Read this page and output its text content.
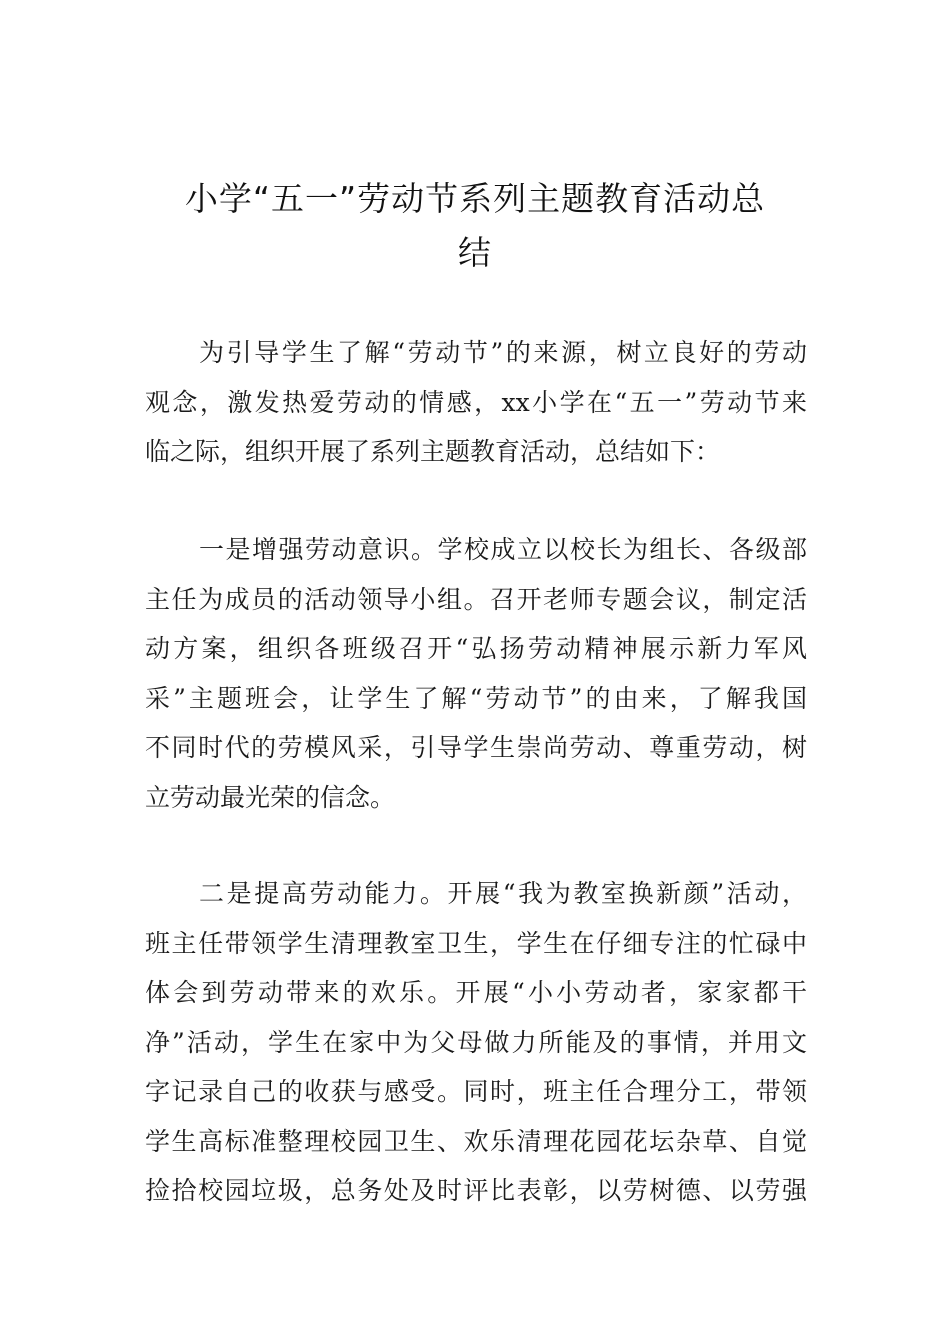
小学“五一”劳动节系列主题教育活动总
结
为引导学生了解“劳动节”的来源，树立良好的劳动
观念，激发热爱劳动的情感，xx小学在“五一”劳动节来
临之际，组织开展了系列主题教育活动，总结如下：
一是增强劳动意识。学校成立以校长为组长、各级部
主任为成员的活动领导小组。召开老师专题会议，制定活
动方案，组织各班级召开“弘扬劳动精神展示新力军风
采”主题班会，让学生了解“劳动节”的由来，了解我国
不同时代的劳模风采，引导学生崇尚劳动、尊重劳动，树
立劳动最光荣的信念。
二是提高劳动能力。开展“我为教室换新颜”活动，
班主任带领学生清理教室卫生，学生在仔细专注的忙碌中
体会到劳动带来的欢乐。开展“小小劳动者，家家都干
净”活动，学生在家中为父母做力所能及的事情，并用文
字记录自己的收获与感受。同时，班主任合理分工，带领
学生高标准整理校园卫生、欢乐清理花园花坛杂草、自觉
捡拾校园垃圾，总务处及时评比表彰，以劳树德、以劳强
